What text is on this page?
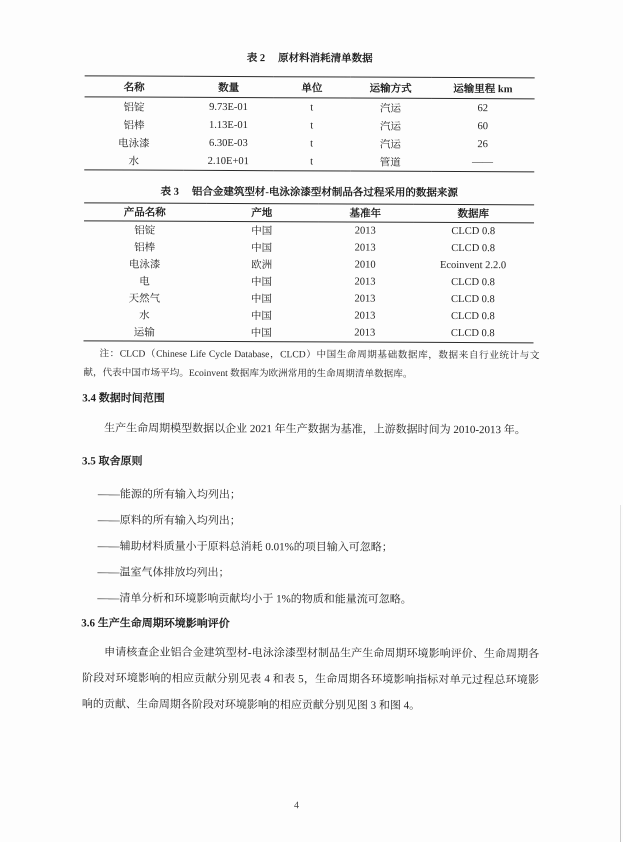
表 2 原材料消耗清单数据
名称	数量	单位	运输方式	运输里程 km
铝锭	9.73E-01	t	汽运	62
铝棒	1.13E-01	t	汽运	60
电泳漆	6.30E-03	t	汽运	26
水	2.10E+01	t	管道	——
表 3 铝合金建筑型材-电泳涂漆型材制品各过程采用的数据来源
产品名称	产地	基准年	数据库
铝锭	中国	2013	CLCD 0.8
铝棒	中国	2013	CLCD 0.8
电泳漆	欧洲	2010	Ecoinvent 2.2.0
电	中国	2013	CLCD 0.8
天然气	中国	2013	CLCD 0.8
水	中国	2013	CLCD 0.8
运输	中国	2013	CLCD 0.8

注：CLCD（Chinese Life Cycle Database，CLCD）中国生命周期基础数据库，数据来自行业统计与文献，代表中国市场平均。Ecoinvent 数据库为欧洲常用的生命周期清单数据库。

3.4 数据时间范围

生产生命周期模型数据以企业 2021 年生产数据为基准，上游数据时间为 2010-2013 年。

3.5 取舍原则
——能源的所有输入均列出；
——原料的所有输入均列出；
——辅助材料质量小于原料总消耗 0.01%的项目输入可忽略；
——温室气体排放均列出；
——清单分析和环境影响贡献均小于 1%的物质和能量流可忽略。
3.6 生产生命周期环境影响评价

申请核查企业铝合金建筑型材-电泳涂漆型材制品生产生命周期环境影响评价、生命周期各阶段对环境影响的相应贡献分别见表 4 和表 5，生命周期各环境影响指标对单元过程总环境影响的贡献、生命周期各阶段对环境影响的相应贡献分别见图 3 和图 4。

4
